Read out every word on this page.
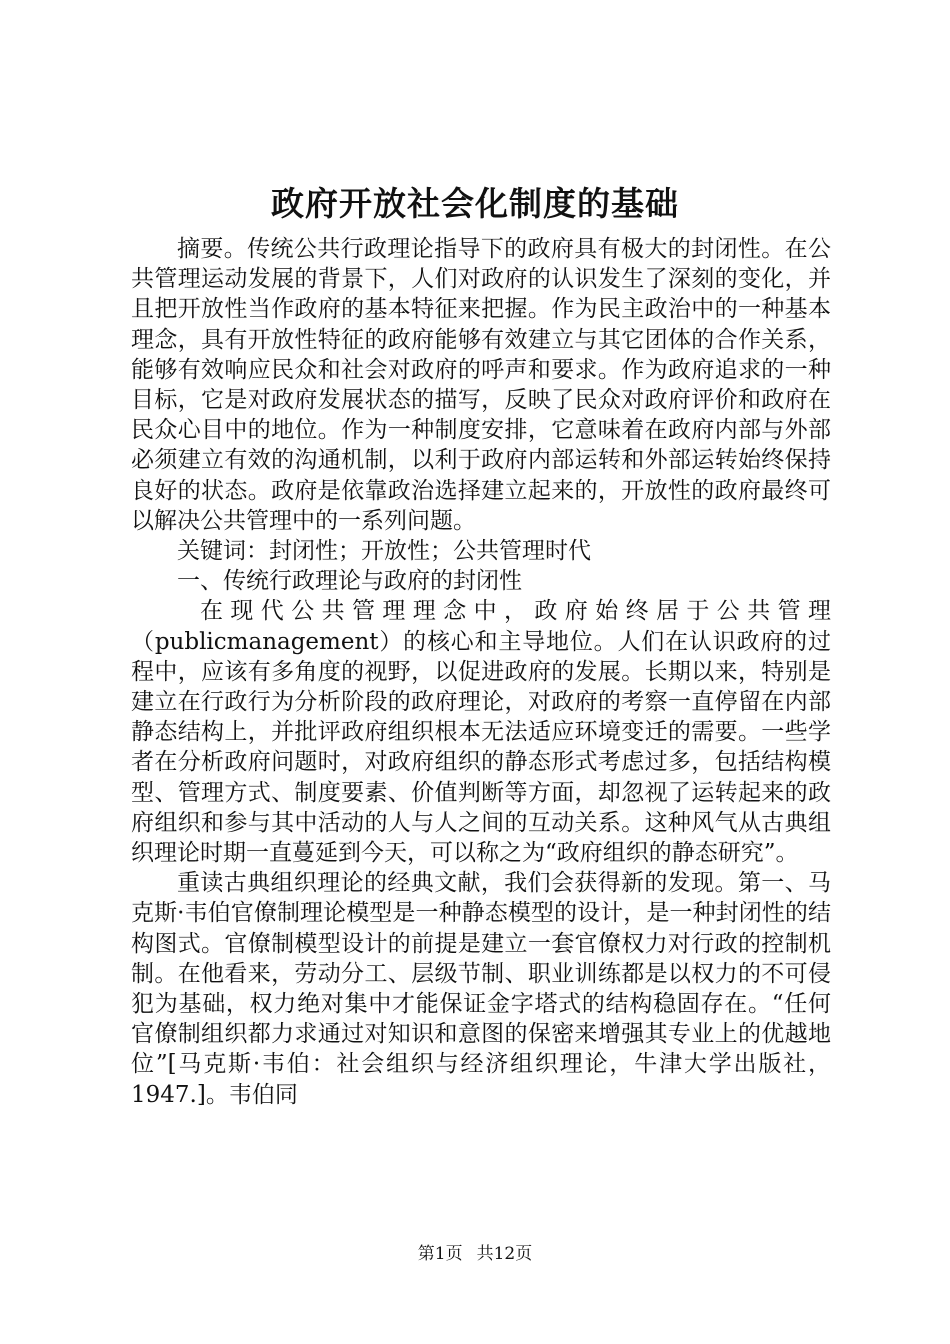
政府开放社会化制度的基础

摘要。传统公共行政理论指导下的政府具有极大的封闭性。在公共管理运动发展的背景下，人们对政府的认识发生了深刻的变化，并且把开放性当作政府的基本特征来把握。作为民主政治中的一种基本理念，具有开放性特征的政府能够有效建立与其它团体的合作关系，能够有效响应民众和社会对政府的呼声和要求。作为政府追求的一种目标，它是对政府发展状态的描写，反映了民众对政府评价和政府在民众心目中的地位。作为一种制度安排，它意味着在政府内部与外部必须建立有效的沟通机制，以利于政府内部运转和外部运转始终保持良好的状态。政府是依靠政治选择建立起来的，开放性的政府最终可以解决公共管理中的一系列问题。

关键词：封闭性；开放性；公共管理时代

一、传统行政理论与政府的封闭性

在现代公共管理理念中，政府始终居于公共管理（publicmanagement）的核心和主导地位。人们在认识政府的过程中，应该有多角度的视野，以促进政府的发展。长期以来，特别是建立在行政行为分析阶段的政府理论，对政府的考察一直停留在内部静态结构上，并批评政府组织根本无法适应环境变迁的需要。一些学者在分析政府问题时，对政府组织的静态形式考虑过多，包括结构模型、管理方式、制度要素、价值判断等方面，却忽视了运转起来的政府组织和参与其中活动的人与人之间的互动关系。这种风气从古典组织理论时期一直蔓延到今天，可以称之为“政府组织的静态研究”。

重读古典组织理论的经典文献，我们会获得新的发现。第一、马克斯·韦伯官僚制理论模型是一种静态模型的设计，是一种封闭性的结构图式。官僚制模型设计的前提是建立一套官僚权力对行政的控制机制。在他看来，劳动分工、层级节制、职业训练都是以权力的不可侵犯为基础，权力绝对集中才能保证金字塔式的结构稳固存在。“任何官僚制组织都力求通过对知识和意图的保密来增强其专业上的优越地位”[马克斯·韦伯：社会组织与经济组织理论，牛津大学出版社，1947.]。韦伯同

第1页 共12页
